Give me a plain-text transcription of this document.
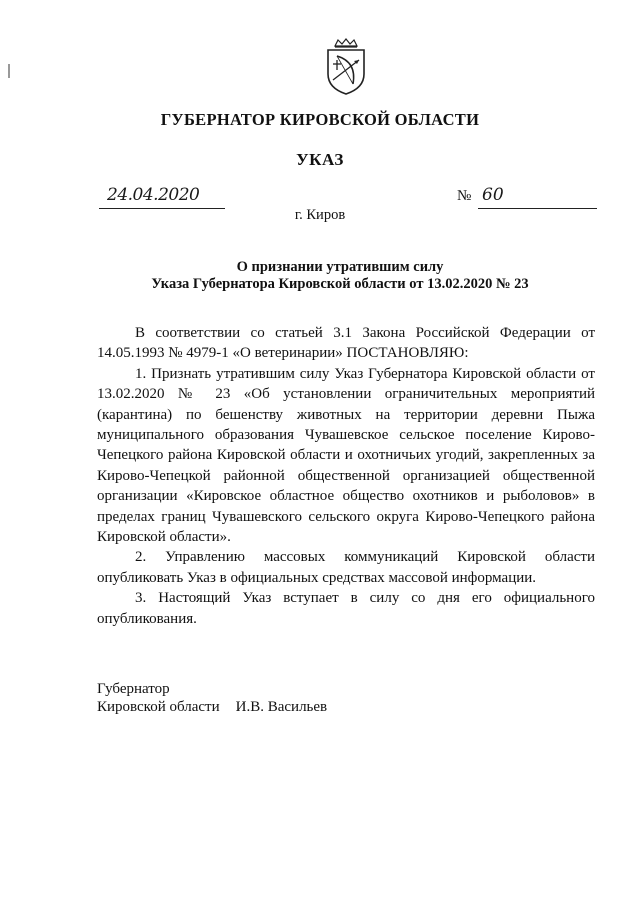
ГУБЕРНАТОР КИРОВСКОЙ ОБЛАСТИ
УКАЗ
24.04.2020	№ 60
г. Киров
О признании утратившим силу
Указа Губернатора Кировской области от 13.02.2020 № 23

В соответствии со статьей 3.1 Закона Российской Федерации от 14.05.1993 № 4979-1 «О ветеринарии» ПОСТАНОВЛЯЮ:

1. Признать утратившим силу Указ Губернатора Кировской области от 13.02.2020 № 23 «Об установлении ограничительных мероприятий (карантина) по бешенству животных на территории деревни Пыжа муниципального образования Чувашевское сельское поселение Кирово-Чепецкого района Кировской области и охотничьих угодий, закрепленных за Кирово-Чепецкой районной общественной организацией общественной организации «Кировское областное общество охотников и рыболовов» в пределах границ Чувашевского сельского округа Кирово-Чепецкого района Кировской области».

2. Управлению массовых коммуникаций Кировской области опубликовать Указ в официальных средствах массовой информации.

3. Настоящий Указ вступает в силу со дня его официального опубликования.

Губернатор
Кировской области И.В. Васильев
